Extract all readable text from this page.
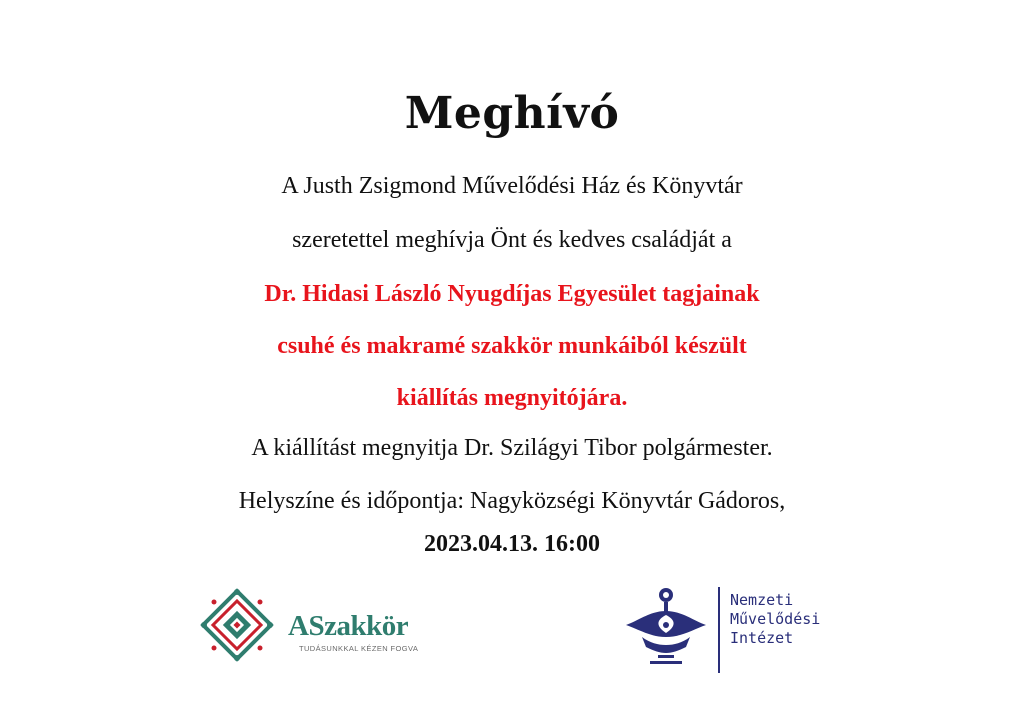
Meghívó
A Justh Zsigmond Művelődési Ház és Könyvtár
szeretettel meghívja Önt és kedves családját a
Dr. Hidasi László Nyugdíjas Egyesület tagjainak
csuhé és makramé szakkör munkáiból készült
kiállítás megnyitójára.
A kiállítást megnyitja Dr. Szilágyi Tibor polgármester.
Helyszíne és időpontja: Nagyközségi Könyvtár Gádoros,
2023.04.13. 16:00
ASzakkör
TUDÁSUNKKAL KÉZEN FOGVA
Nemzeti
Művelődési
Intézet
